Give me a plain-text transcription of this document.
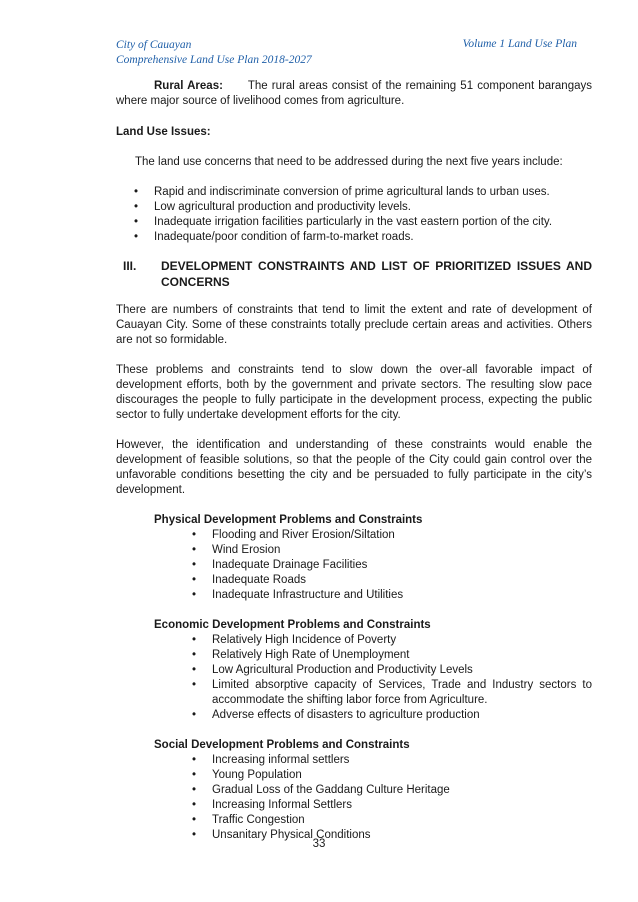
City of Cauayan
Comprehensive Land Use Plan 2018-2027
Volume 1 Land Use Plan

Rural Areas: The rural areas consist of the remaining 51 component barangays where major source of livelihood comes from agriculture.

Land Use Issues:

The land use concerns that need to be addressed during the next five years include:

• Rapid and indiscriminate conversion of prime agricultural lands to urban uses.
• Low agricultural production and productivity levels.
• Inadequate irrigation facilities particularly in the vast eastern portion of the city.
• Inadequate/poor condition of farm-to-market roads.
III.	DEVELOPMENT CONSTRAINTS AND LIST OF PRIORITIZED ISSUES AND CONCERNS

There are numbers of constraints that tend to limit the extent and rate of development of Cauayan City. Some of these constraints totally preclude certain areas and activities. Others are not so formidable.

These problems and constraints tend to slow down the over-all favorable impact of development efforts, both by the government and private sectors. The resulting slow pace discourages the people to fully participate in the development process, expecting the public sector to fully undertake development efforts for the city.

However, the identification and understanding of these constraints would enable the development of feasible solutions, so that the people of the City could gain control over the unfavorable conditions besetting the city and be persuaded to fully participate in the city’s development.

Physical Development Problems and Constraints
• Flooding and River Erosion/Siltation
• Wind Erosion
• Inadequate Drainage Facilities
• Inadequate Roads
• Inadequate Infrastructure and Utilities
Economic Development Problems and Constraints
• Relatively High Incidence of Poverty
• Relatively High Rate of Unemployment
• Low Agricultural Production and Productivity Levels
• Limited absorptive capacity of Services, Trade and Industry sectors to accommodate the shifting labor force from Agriculture.
• Adverse effects of disasters to agriculture production
Social Development Problems and Constraints
• Increasing informal settlers
• Young Population
• Gradual Loss of the Gaddang Culture Heritage
• Increasing Informal Settlers
• Traffic Congestion
• Unsanitary Physical Conditions
33
